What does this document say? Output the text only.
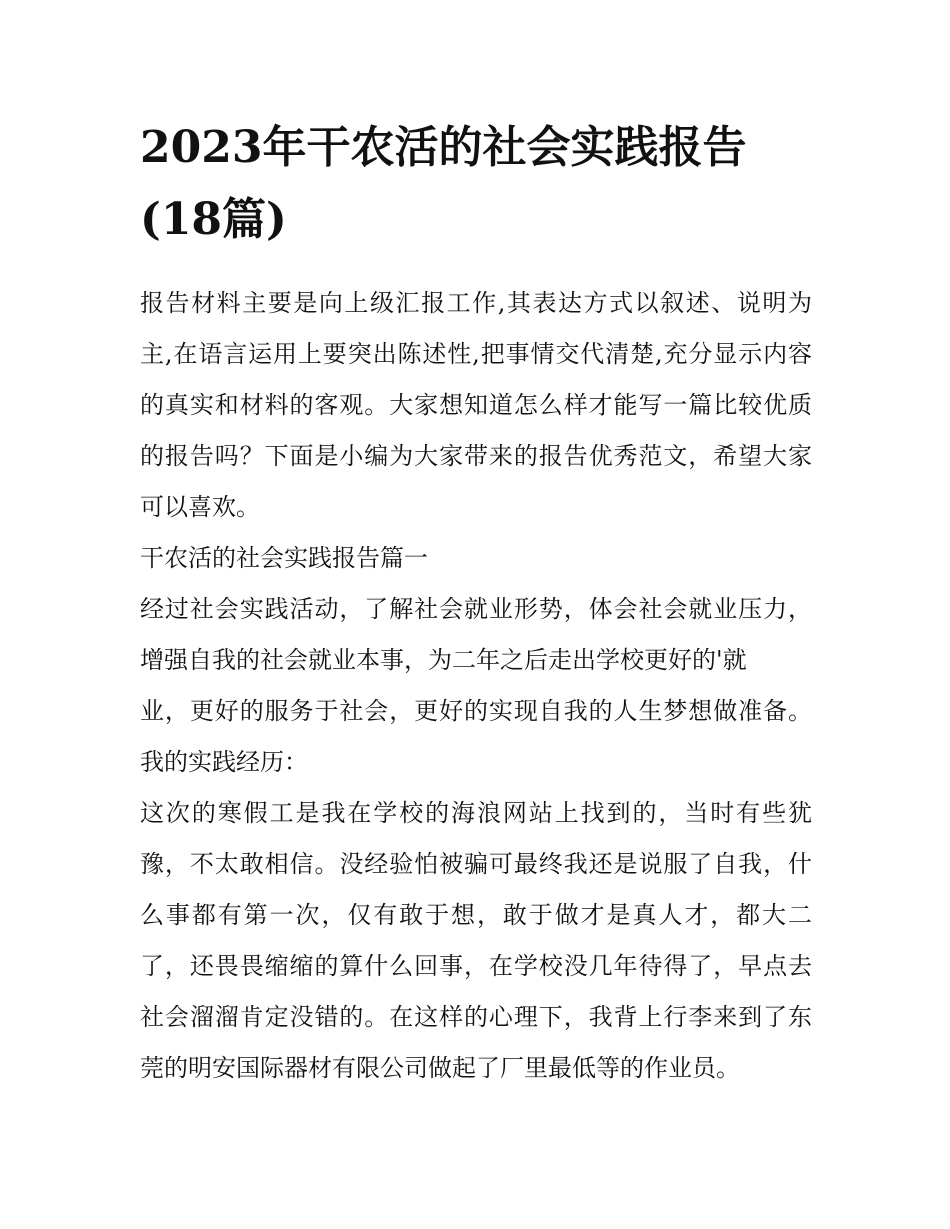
2023年干农活的社会实践报告
(18篇)
报告材料主要是向上级汇报工作,其表达方式以叙述、说明为
主,在语言运用上要突出陈述性,把事情交代清楚,充分显示内容
的真实和材料的客观。大家想知道怎么样才能写一篇比较优质
的报告吗？下面是小编为大家带来的报告优秀范文，希望大家
可以喜欢。
干农活的社会实践报告篇一
经过社会实践活动，了解社会就业形势，体会社会就业压力，
增强自我的社会就业本事，为二年之后走出学校更好的'就
业，更好的服务于社会，更好的实现自我的人生梦想做准备。
我的实践经历：
这次的寒假工是我在学校的海浪网站上找到的，当时有些犹
豫，不太敢相信。没经验怕被骗可最终我还是说服了自我，什
么事都有第一次，仅有敢于想，敢于做才是真人才，都大二
了，还畏畏缩缩的算什么回事，在学校没几年待得了，早点去
社会溜溜肯定没错的。在这样的心理下，我背上行李来到了东
莞的明安国际器材有限公司做起了厂里最低等的作业员。
